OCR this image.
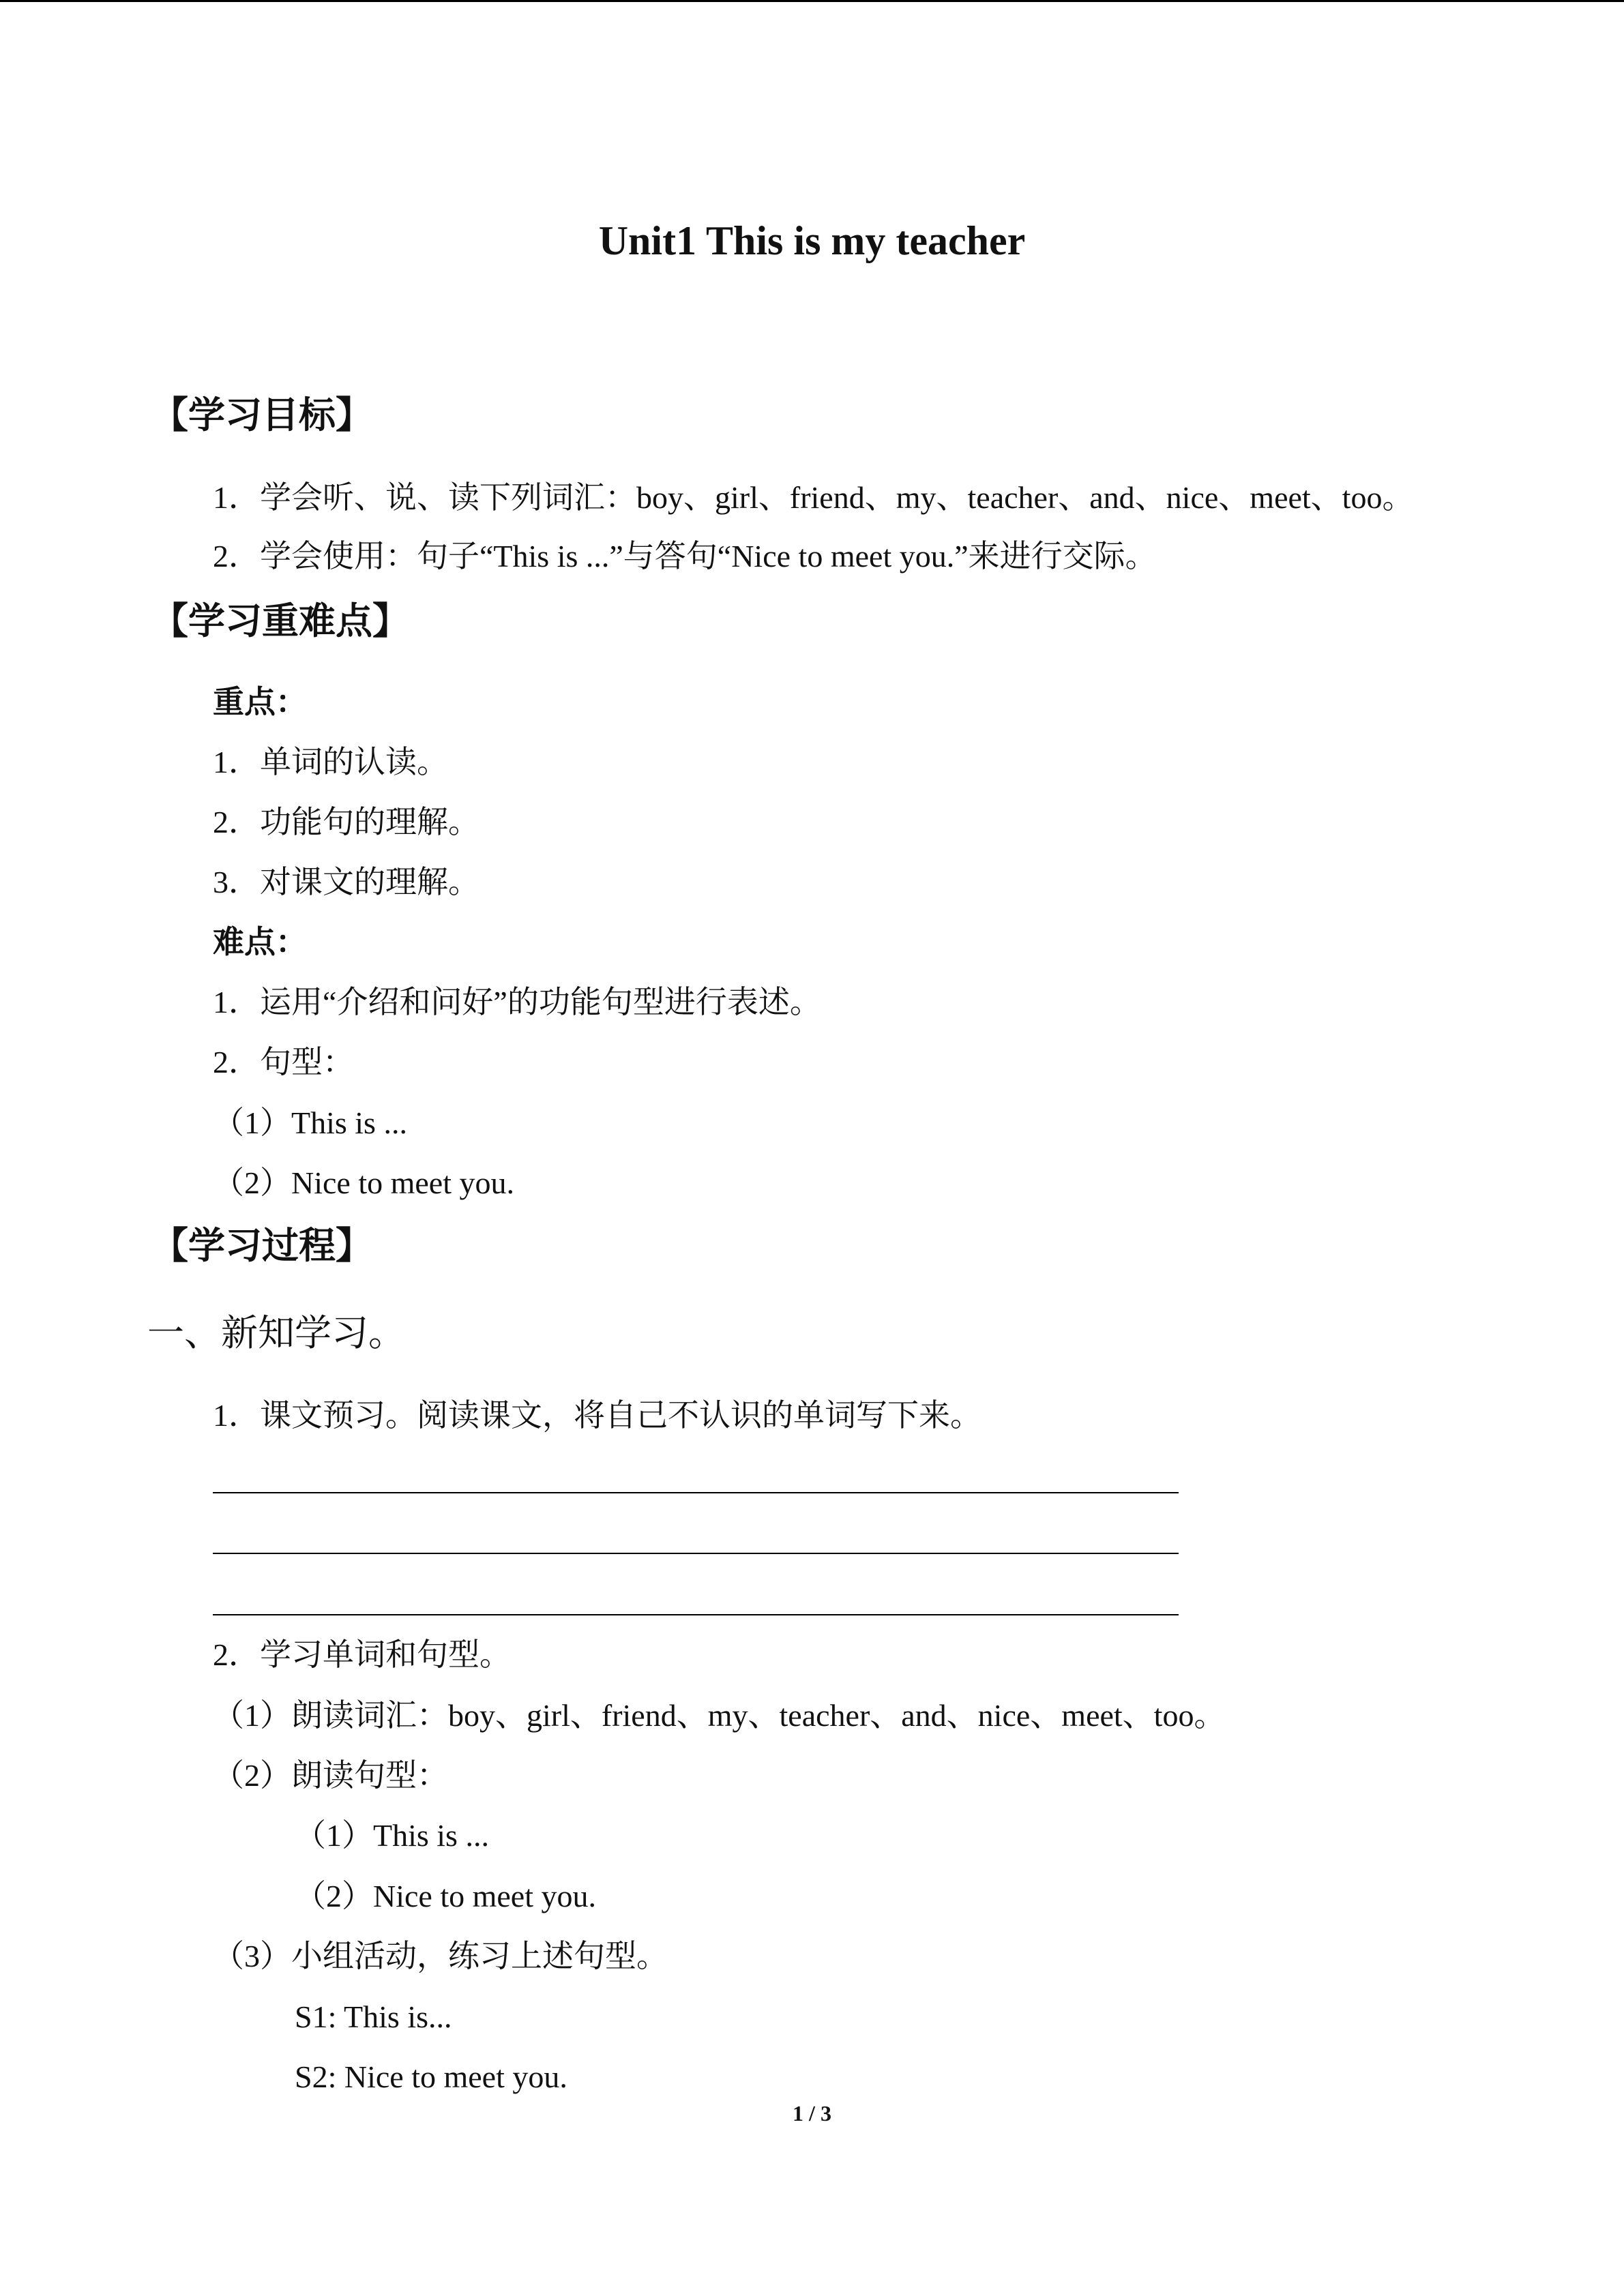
Unit1 This is my teacher
【学习目标】
1．学会听、说、读下列词汇：boy、girl、friend、my、teacher、and、nice、meet、too。
2．学会使用：句子“This is ...”与答句“Nice to meet you.”来进行交际。
【学习重难点】
重点：
1．单词的认读。
2．功能句的理解。
3．对课文的理解。
难点：
1．运用“介绍和问好”的功能句型进行表述。
2．句型：
（1）This is ...
（2）Nice to meet you.
【学习过程】
一、新知学习。
1．课文预习。阅读课文，将自己不认识的单词写下来。
2．学习单词和句型。
（1）朗读词汇：boy、girl、friend、my、teacher、and、nice、meet、too。
（2）朗读句型：
（1）This is ...
（2）Nice to meet you.
（3）小组活动，练习上述句型。
S1: This is...
S2: Nice to meet you.
1 / 3
